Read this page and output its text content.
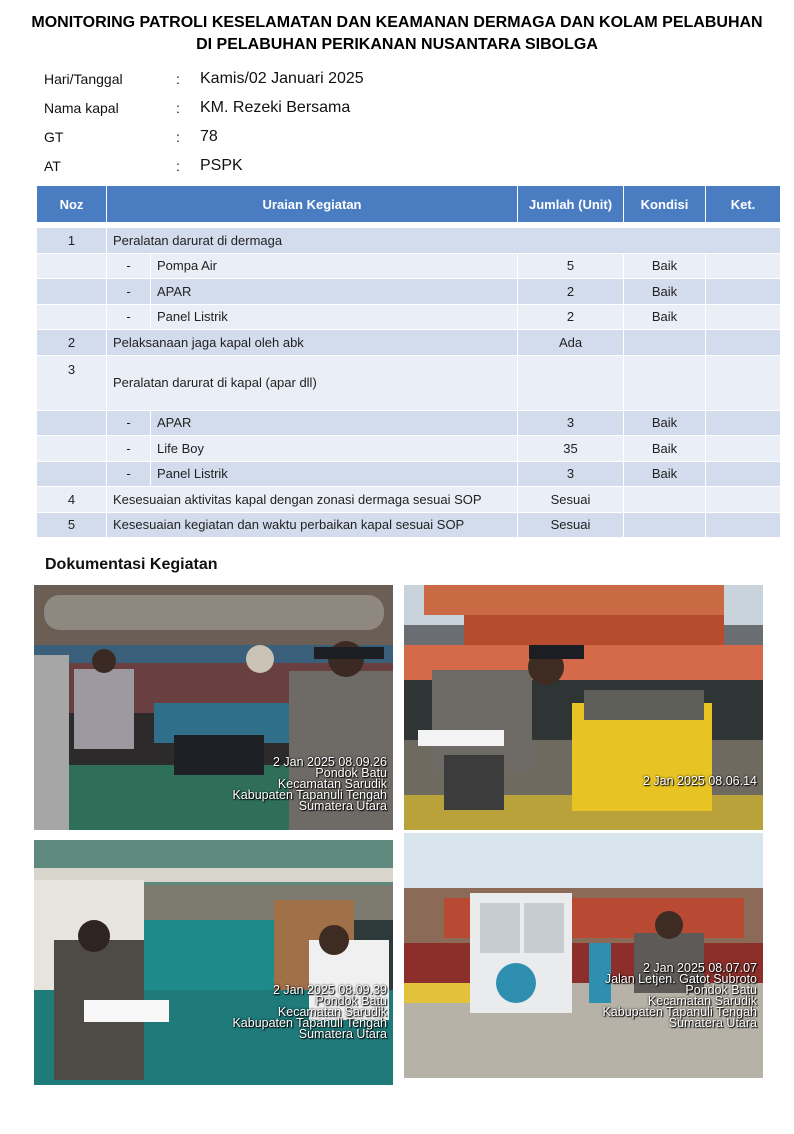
MONITORING PATROLI KESELAMATAN DAN KEAMANAN DERMAGA DAN KOLAM PELABUHAN
DI PELABUHAN PERIKANAN NUSANTARA SIBOLGA
Hari/Tanggal	:	Kamis/02 Januari 2025
Nama kapal	:	KM. Rezeki Bersama
GT	:	78
AT	:	PSPK
Noz	Uraian Kegiatan		Jumlah (Unit)	Kondisi	Ket.

1	Peralatan darurat di dermaga				
	-	Pompa Air	5	Baik	
	-	APAR	2	Baik	
	-	Panel Listrik	2	Baik	
2	Pelaksanaan jaga kapal oleh abk		Ada		
3	Peralatan darurat di kapal (apar dll)				
	-	APAR	3	Baik	
	-	Life Boy	35	Baik	
	-	Panel Listrik	3	Baik	
4	Kesesuaian aktivitas kapal dengan zonasi dermaga sesuai SOP		Sesuai		
5	Kesesuaian kegiatan dan waktu perbaikan kapal sesuai SOP		Sesuai		
Dokumentasi Kegiatan
2 Jan 2025 08.09.26
Pondok Batu
Kecamatan Sarudik
Kabupaten Tapanuli Tengah
Sumatera Utara
2 Jan 2025 08.06.14
2 Jan 2025 08.09.39
Pondok Batu
Kecamatan Sarudik
Kabupaten Tapanuli Tengah
Sumatera Utara
2 Jan 2025 08.07.07
Jalan Letjen. Gatot Subroto
Pondok Batu
Kecamatan Sarudik
Kabupaten Tapanuli Tengah
Sumatera Utara
